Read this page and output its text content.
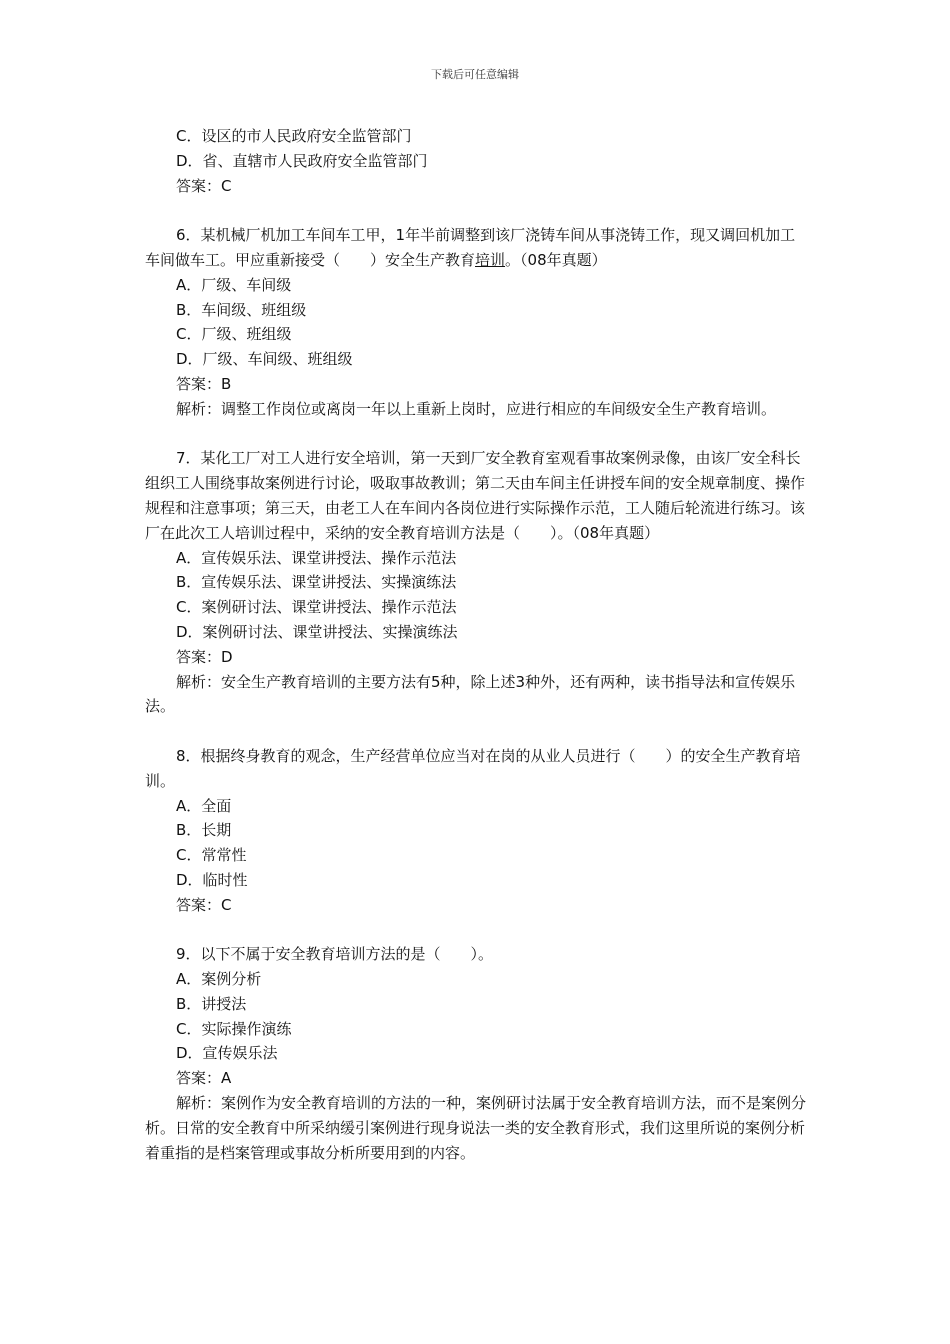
下载后可任意编辑

C．设区的市人民政府安全监管部门

D．省、直辖市人民政府安全监管部门

答案：C

6．某机械厂机加工车间车工甲，1年半前调整到该厂浇铸车间从事浇铸工作，现又调回机加工车间做车工。甲应重新接受（　　）安全生产教育培训。（08年真题）

A．厂级、车间级

B．车间级、班组级

C．厂级、班组级

D．厂级、车间级、班组级

答案：B

解析：调整工作岗位或离岗一年以上重新上岗时，应进行相应的车间级安全生产教育培训。

7．某化工厂对工人进行安全培训，第一天到厂安全教育室观看事故案例录像，由该厂安全科长组织工人围绕事故案例进行讨论，吸取事故教训；第二天由车间主任讲授车间的安全规章制度、操作规程和注意事项；第三天，由老工人在车间内各岗位进行实际操作示范，工人随后轮流进行练习。该厂在此次工人培训过程中，采纳的安全教育培训方法是（　　）。（08年真题）

A．宣传娱乐法、课堂讲授法、操作示范法

B．宣传娱乐法、课堂讲授法、实操演练法

C．案例研讨法、课堂讲授法、操作示范法

D．案例研讨法、课堂讲授法、实操演练法

答案：D

解析：安全生产教育培训的主要方法有5种，除上述3种外，还有两种，读书指导法和宣传娱乐法。

8．根据终身教育的观念，生产经营单位应当对在岗的从业人员进行（　　）的安全生产教育培训。

A．全面

B．长期

C．常常性

D．临时性

答案：C

9．以下不属于安全教育培训方法的是（　　）。

A．案例分析

B．讲授法

C．实际操作演练

D．宣传娱乐法

答案：A

解析：案例作为安全教育培训的方法的一种，案例研讨法属于安全教育培训方法，而不是案例分析。日常的安全教育中所采纳缓引案例进行现身说法一类的安全教育形式，我们这里所说的案例分析着重指的是档案管理或事故分析所要用到的内容。
